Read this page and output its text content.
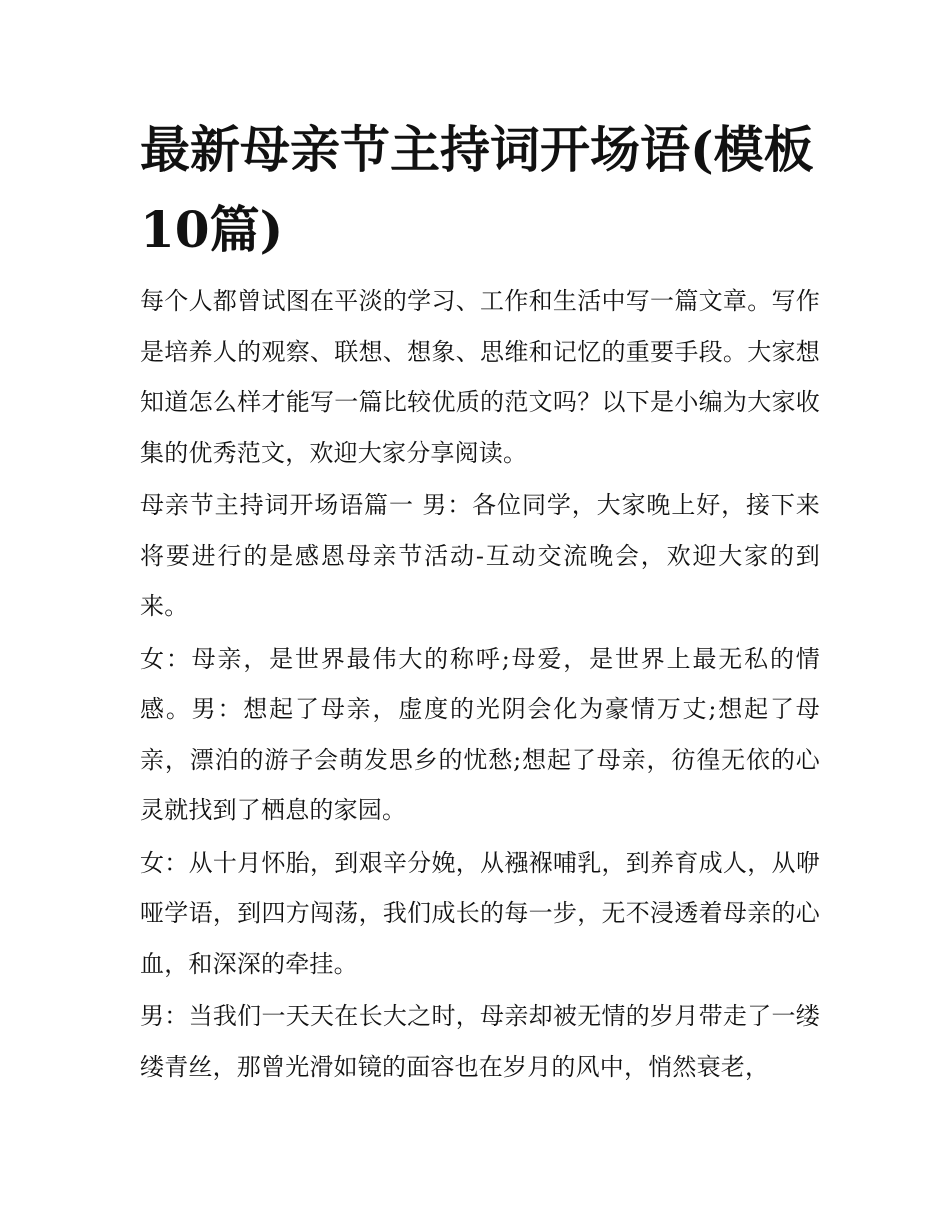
最新母亲节主持词开场语(模板10篇)

每个人都曾试图在平淡的学习、工作和生活中写一篇文章。写作是培养人的观察、联想、想象、思维和记忆的重要手段。大家想知道怎么样才能写一篇比较优质的范文吗？以下是小编为大家收集的优秀范文，欢迎大家分享阅读。

母亲节主持词开场语篇一 男：各位同学，大家晚上好，接下来将要进行的是感恩母亲节活动-互动交流晚会，欢迎大家的到来。

女：母亲，是世界最伟大的称呼;母爱，是世界上最无私的情感。男：想起了母亲，虚度的光阴会化为豪情万丈;想起了母亲，漂泊的游子会萌发思乡的忧愁;想起了母亲，彷徨无依的心灵就找到了栖息的家园。

女：从十月怀胎，到艰辛分娩，从襁褓哺乳，到养育成人，从咿哑学语，到四方闯荡，我们成长的每一步，无不浸透着母亲的心血，和深深的牵挂。

男：当我们一天天在长大之时，母亲却被无情的岁月带走了一缕缕青丝，那曾光滑如镜的面容也在岁月的风中，悄然衰老，
